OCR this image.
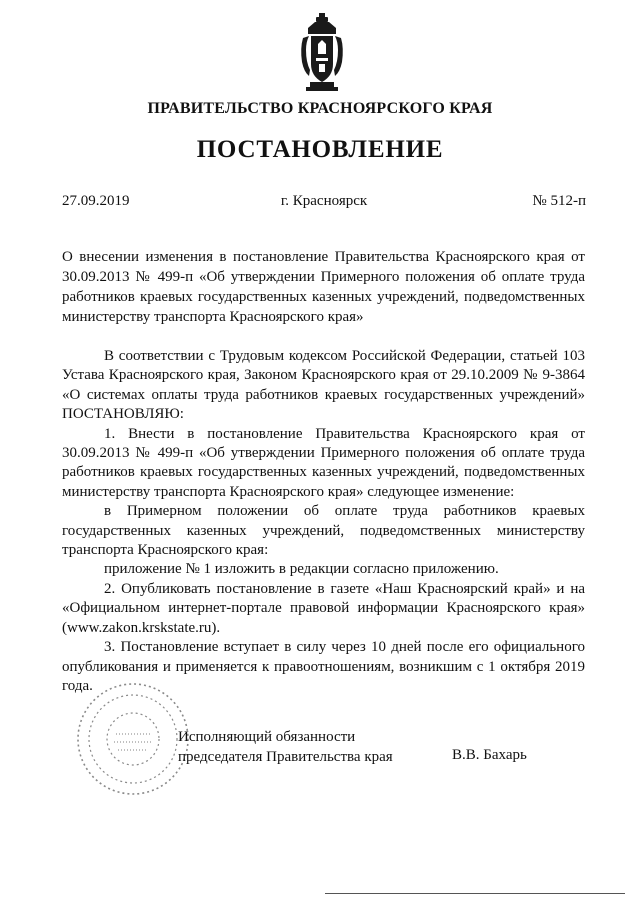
ПРАВИТЕЛЬСТВО КРАСНОЯРСКОГО КРАЯ
ПОСТАНОВЛЕНИЕ
27.09.2019	г. Красноярск	№ 512-п
О внесении изменения в постановление Правительства Красноярского края от 30.09.2013 № 499-п «Об утверждении Примерного положения об оплате труда работников краевых государственных казенных учреждений, подведомственных министерству транспорта Красноярского края»

В соответствии с Трудовым кодексом Российской Федерации, статьей 103 Устава Красноярского края, Законом Красноярского края от 29.10.2009 № 9-3864 «О системах оплаты труда работников краевых государственных учреждений» ПОСТАНОВЛЯЮ:

1. Внести в постановление Правительства Красноярского края от 30.09.2013 № 499-п «Об утверждении Примерного положения об оплате труда работников краевых государственных казенных учреждений, подведомственных министерству транспорта Красноярского края» следующее изменение:

в Примерном положении об оплате труда работников краевых государственных казенных учреждений, подведомственных министерству транспорта Красноярского края:

приложение № 1 изложить в редакции согласно приложению.

2. Опубликовать постановление в газете «Наш Красноярский край» и на «Официальном интернет-портале правовой информации Красноярского края» (www.zakon.krskstate.ru).

3. Постановление вступает в силу через 10 дней после его официального опубликования и применяется к правоотношениям, возникшим с 1 октября 2019 года.

Исполняющий обязанности
председателя Правительства края	В.В. Бахарь
